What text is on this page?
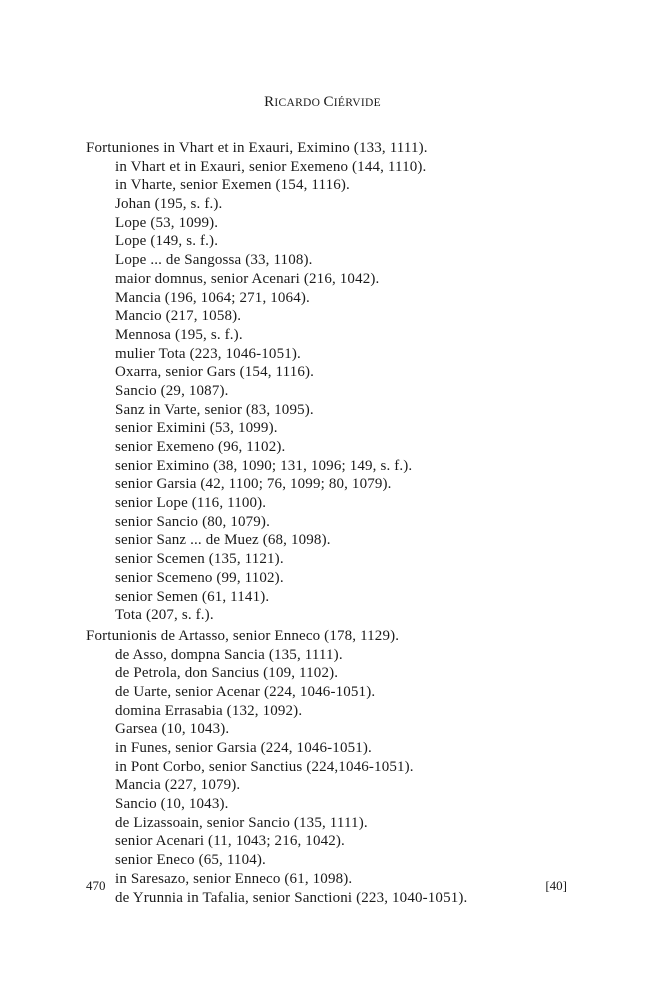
RICARDO CIÉRVIDE
Fortuniones in Vhart et in Exauri, Eximino (133, 1111).
in Vhart et in Exauri, senior Exemeno (144, 1110).
in Vharte, senior Exemen (154, 1116).
Johan (195, s. f.).
Lope (53, 1099).
Lope (149, s. f.).
Lope ... de Sangossa (33, 1108).
maior domnus, senior Acenari (216, 1042).
Mancia (196, 1064; 271, 1064).
Mancio (217, 1058).
Mennosa (195, s. f.).
mulier Tota (223, 1046-1051).
Oxarra, senior Gars (154, 1116).
Sancio (29, 1087).
Sanz in Varte, senior (83, 1095).
senior Eximini (53, 1099).
senior Exemeno (96, 1102).
senior Eximino (38, 1090; 131, 1096; 149, s. f.).
senior Garsia (42, 1100; 76, 1099; 80, 1079).
senior Lope (116, 1100).
senior Sancio (80, 1079).
senior Sanz ... de Muez (68, 1098).
senior Scemen (135, 1121).
senior Scemeno (99, 1102).
senior Semen (61, 1141).
Tota (207, s. f.).
Fortunionis de Artasso, senior Enneco (178, 1129).
de Asso, dompna Sancia (135, 1111).
de Petrola, don Sancius (109, 1102).
de Uarte, senior Acenar (224, 1046-1051).
domina Errasabia (132, 1092).
Garsea (10, 1043).
in Funes, senior Garsia (224, 1046-1051).
in Pont Corbo, senior Sanctius (224,1046-1051).
Mancia (227, 1079).
Sancio (10, 1043).
de Lizassoain, senior Sancio (135, 1111).
senior Acenari (11, 1043; 216, 1042).
senior Eneco (65, 1104).
in Saresazo, senior Enneco (61, 1098).
de Yrunnia in Tafalia, senior Sanctioni (223, 1040-1051).
470	[40]
